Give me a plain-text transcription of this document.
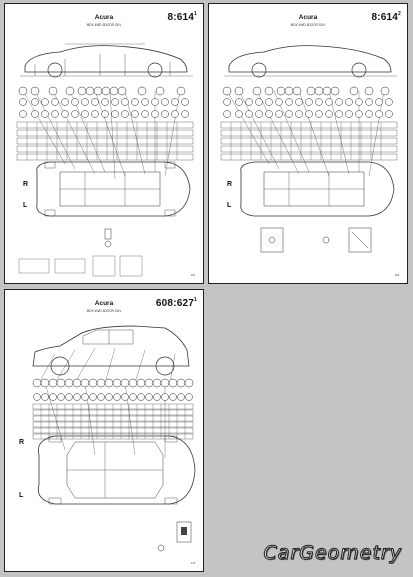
Acura
MDX 4WD 5DOOR SUV
$8:614^1$
R
L
2/3
Acura
MDX 4WD 5DOOR SUV
$8:614^2$
R
L
3/3
Acura
MDX 4WD 5DOOR SUV
$608:627^1$
R
L
1/3	CarGeometry
